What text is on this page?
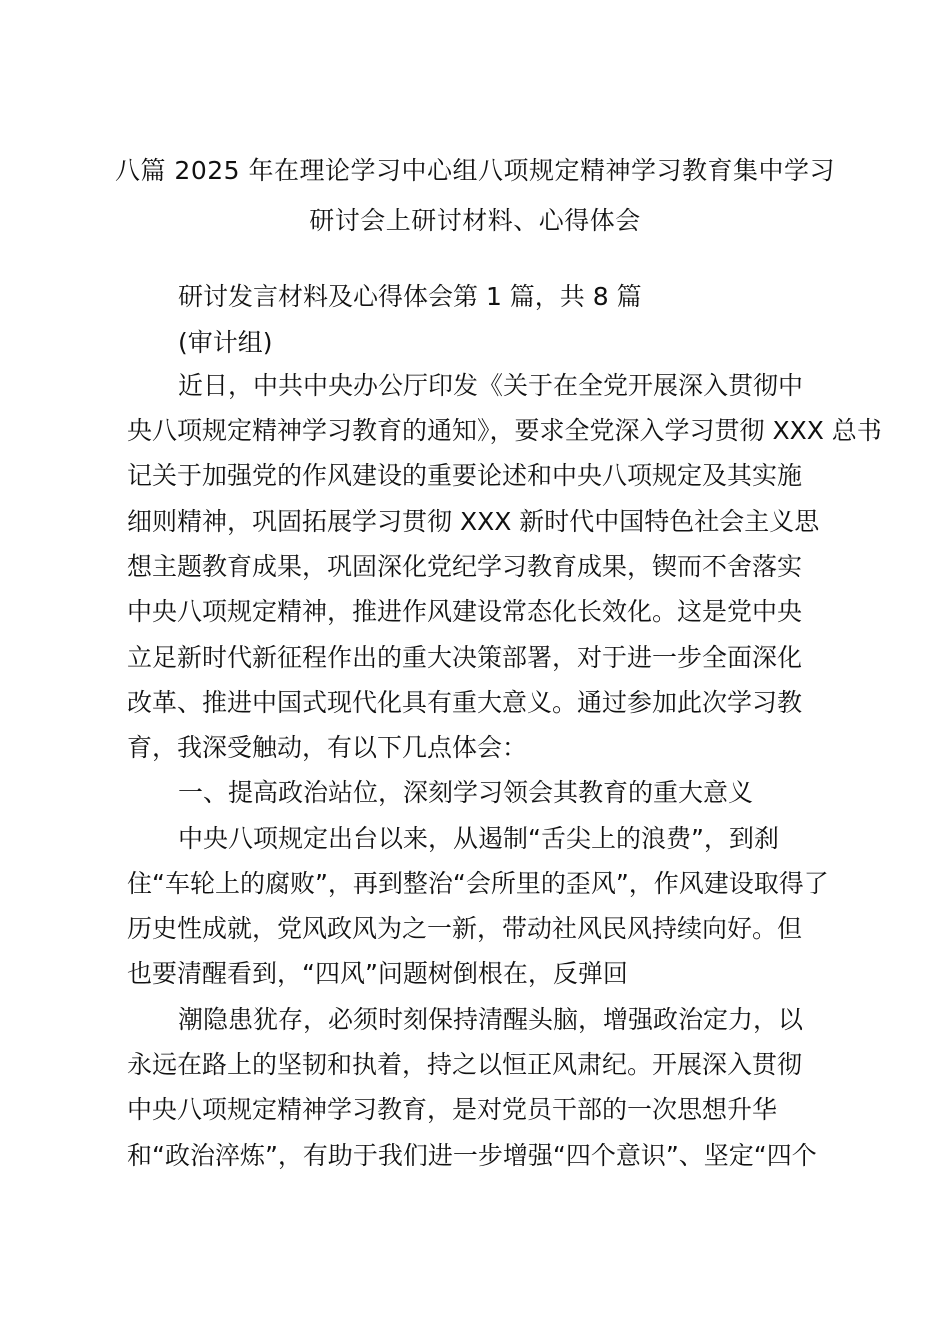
八篇 2025 年在理论学习中心组八项规定精神学习教育集中学习
研讨会上研讨材料、心得体会
研讨发言材料及心得体会第 1 篇，共 8 篇
(审计组)
近日，中共中央办公厅印发《关于在全党开展深入贯彻中
央八项规定精神学习教育的通知》，要求全党深入学习贯彻 XXX 总书
记关于加强党的作风建设的重要论述和中央八项规定及其实施
细则精神，巩固拓展学习贯彻 XXX 新时代中国特色社会主义思
想主题教育成果，巩固深化党纪学习教育成果，锲而不舍落实
中央八项规定精神，推进作风建设常态化长效化。这是党中央
立足新时代新征程作出的重大决策部署，对于进一步全面深化
改革、推进中国式现代化具有重大意义。通过参加此次学习教
育，我深受触动，有以下几点体会：
一、提高政治站位，深刻学习领会其教育的重大意义
中央八项规定出台以来，从遏制“舌尖上的浪费”，到刹
住“车轮上的腐败”，再到整治“会所里的歪风”，作风建设取得了
历史性成就，党风政风为之一新，带动社风民风持续向好。但
也要清醒看到，“四风”问题树倒根在，反弹回
潮隐患犹存，必须时刻保持清醒头脑，增强政治定力，以
永远在路上的坚韧和执着，持之以恒正风肃纪。开展深入贯彻
中央八项规定精神学习教育，是对党员干部的一次思想升华
和“政治淬炼”，有助于我们进一步增强“四个意识”、坚定“四个
